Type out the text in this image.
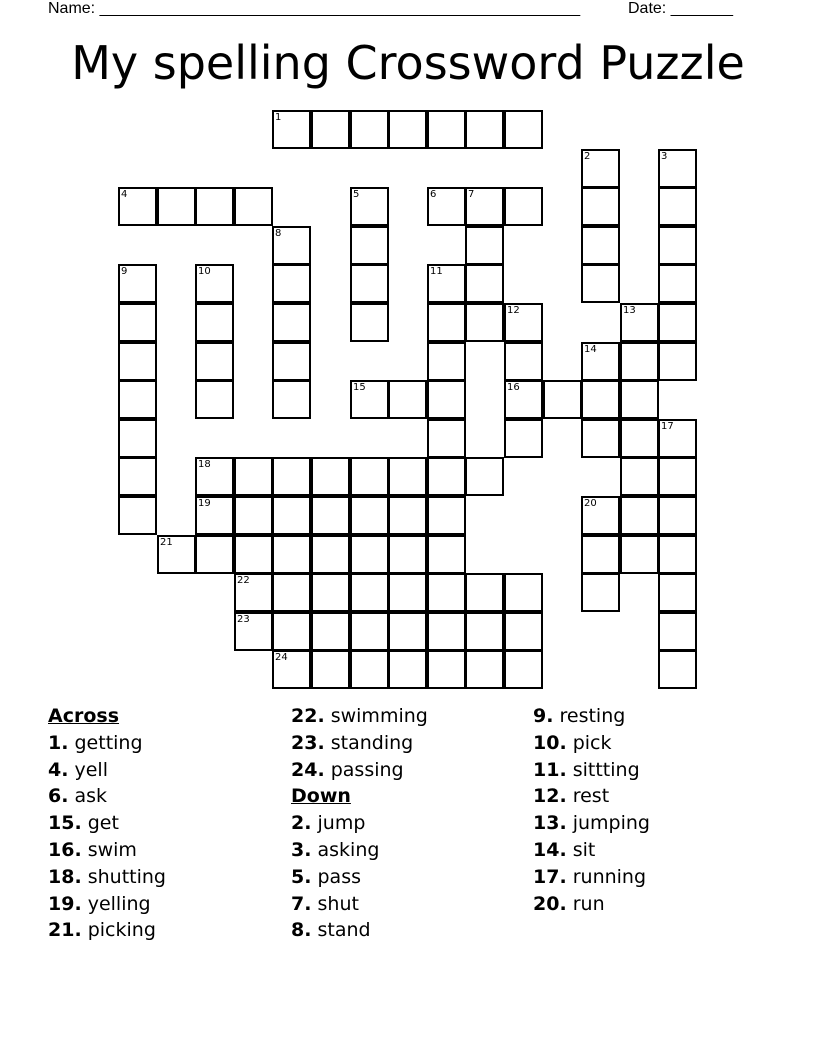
Name: ______________________________________________________	Date: _______
My spelling Crossword Puzzle
1
2	3
4	5	6	7
8
9	10	11
12	13
14
15	16
17
18
19	20
21
22
23
24
Across
1. getting
4. yell
6. ask
15. get
16. swim
18. shutting
19. yelling
21. picking
22. swimming
23. standing
24. passing
Down
2. jump
3. asking
5. pass
7. shut
8. stand
9. resting
10. pick
11. sittting
12. rest
13. jumping
14. sit
17. running
20. run
